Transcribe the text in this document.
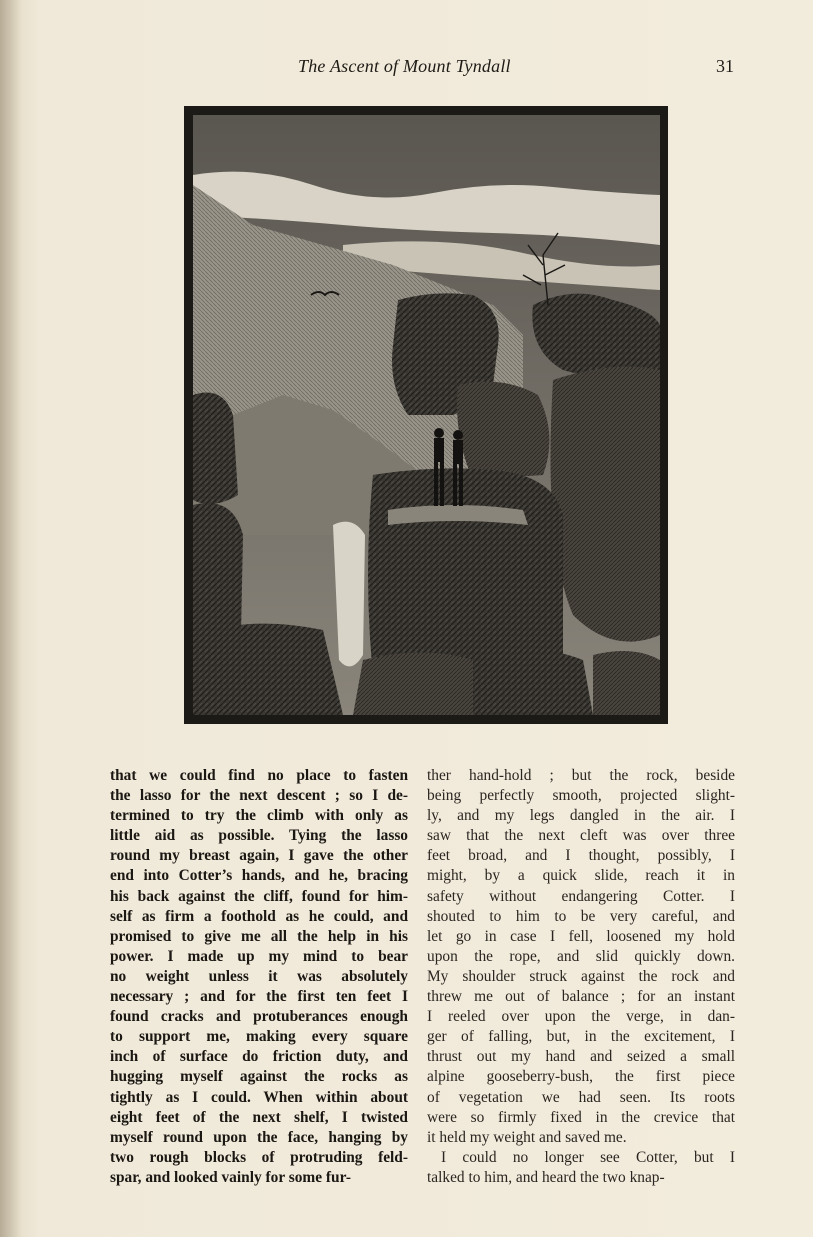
The Ascent of Mount Tyndall	31
that we could find no place to fasten
the lasso for the next descent ; so I de-
termined to try the climb with only as
little aid as possible. Tying the lasso
round my breast again, I gave the other
end into Cotter’s hands, and he, bracing
his back against the cliff, found for him-
self as firm a foothold as he could, and
promised to give me all the help in his
power. I made up my mind to bear
no weight unless it was absolutely
necessary ; and for the first ten feet I
found cracks and protuberances enough
to support me, making every square
inch of surface do friction duty, and
hugging myself against the rocks as
tightly as I could. When within about
eight feet of the next shelf, I twisted
myself round upon the face, hanging by
two rough blocks of protruding feld-
spar, and looked vainly for some fur-
ther hand-hold ; but the rock, beside
being perfectly smooth, projected slight-
ly, and my legs dangled in the air. I
saw that the next cleft was over three
feet broad, and I thought, possibly, I
might, by a quick slide, reach it in
safety without endangering Cotter. I
shouted to him to be very careful, and
let go in case I fell, loosened my hold
upon the rope, and slid quickly down.
My shoulder struck against the rock and
threw me out of balance ; for an instant
I reeled over upon the verge, in dan-
ger of falling, but, in the excitement, I
thrust out my hand and seized a small
alpine gooseberry-bush, the first piece
of vegetation we had seen. Its roots
were so firmly fixed in the crevice that
it held my weight and saved me.
I could no longer see Cotter, but I
talked to him, and heard the two knap-
